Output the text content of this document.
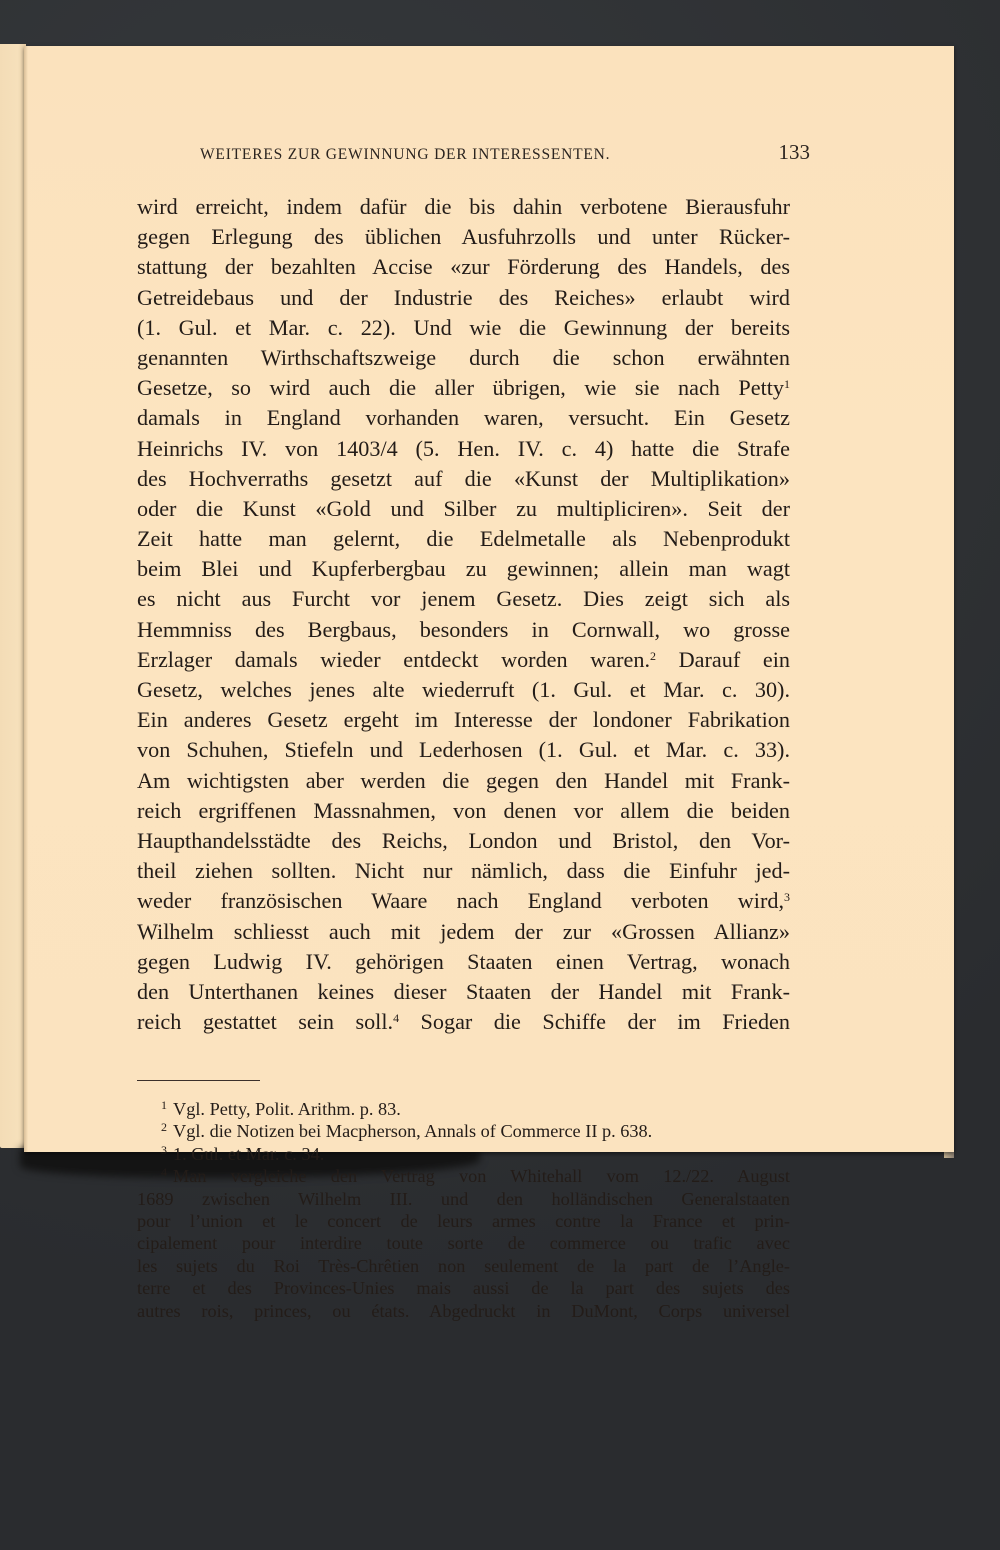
WEITERES ZUR GEWINNUNG DER INTERESSENTEN.	133
wird erreicht, indem dafür die bis dahin verbotene Bierausfuhr
gegen Erlegung des üblichen Ausfuhrzolls und unter Rücker-
stattung der bezahlten Accise «zur Förderung des Handels, des
Getreidebaus und der Industrie des Reiches» erlaubt wird
(1. Gul. et Mar. c. 22). Und wie die Gewinnung der bereits
genannten Wirthschaftszweige durch die schon erwähnten
Gesetze, so wird auch die aller übrigen, wie sie nach Petty$^1$
damals in England vorhanden waren, versucht. Ein Gesetz
Heinrichs IV. von 1403/4 (5. Hen. IV. c. 4) hatte die Strafe
des Hochverraths gesetzt auf die «Kunst der Multiplikation»
oder die Kunst «Gold und Silber zu multipliciren». Seit der
Zeit hatte man gelernt, die Edelmetalle als Nebenprodukt
beim Blei und Kupferbergbau zu gewinnen; allein man wagt
es nicht aus Furcht vor jenem Gesetz. Dies zeigt sich als
Hemmniss des Bergbaus, besonders in Cornwall, wo grosse
Erzlager damals wieder entdeckt worden waren.$^2$ Darauf ein
Gesetz, welches jenes alte wiederruft (1. Gul. et Mar. c. 30).
Ein anderes Gesetz ergeht im Interesse der londoner Fabrikation
von Schuhen, Stiefeln und Lederhosen (1. Gul. et Mar. c. 33).
Am wichtigsten aber werden die gegen den Handel mit Frank-
reich ergriffenen Massnahmen, von denen vor allem die beiden
Haupthandelsstädte des Reichs, London und Bristol, den Vor-
theil ziehen sollten. Nicht nur nämlich, dass die Einfuhr jed-
weder französischen Waare nach England verboten wird,$^3$
Wilhelm schliesst auch mit jedem der zur «Grossen Allianz»
gegen Ludwig IV. gehörigen Staaten einen Vertrag, wonach
den Unterthanen keines dieser Staaten der Handel mit Frank-
reich gestattet sein soll.$^4$ Sogar die Schiffe der im Frieden
$^1$ Vgl. Petty, Polit. Arithm. p. 83.
$^2$ Vgl. die Notizen bei Macpherson, Annals of Commerce II p. 638.
$^3$ 1. Gul. et Mar. c. 34.
$^4$ Man vergleiche den Vertrag von Whitehall vom 12./22. August
1689 zwischen Wilhelm III. und den holländischen Generalstaaten
pour l’union et le concert de leurs armes contre la France et prin-
cipalement pour interdire toute sorte de commerce ou trafic avec
les sujets du Roi Très-Chrêtien non seulement de la part de l’Angle-
terre et des Provinces-Unies mais aussi de la part des sujets des
autres rois, princes, ou états. Abgedruckt in DuMont, Corps universel
